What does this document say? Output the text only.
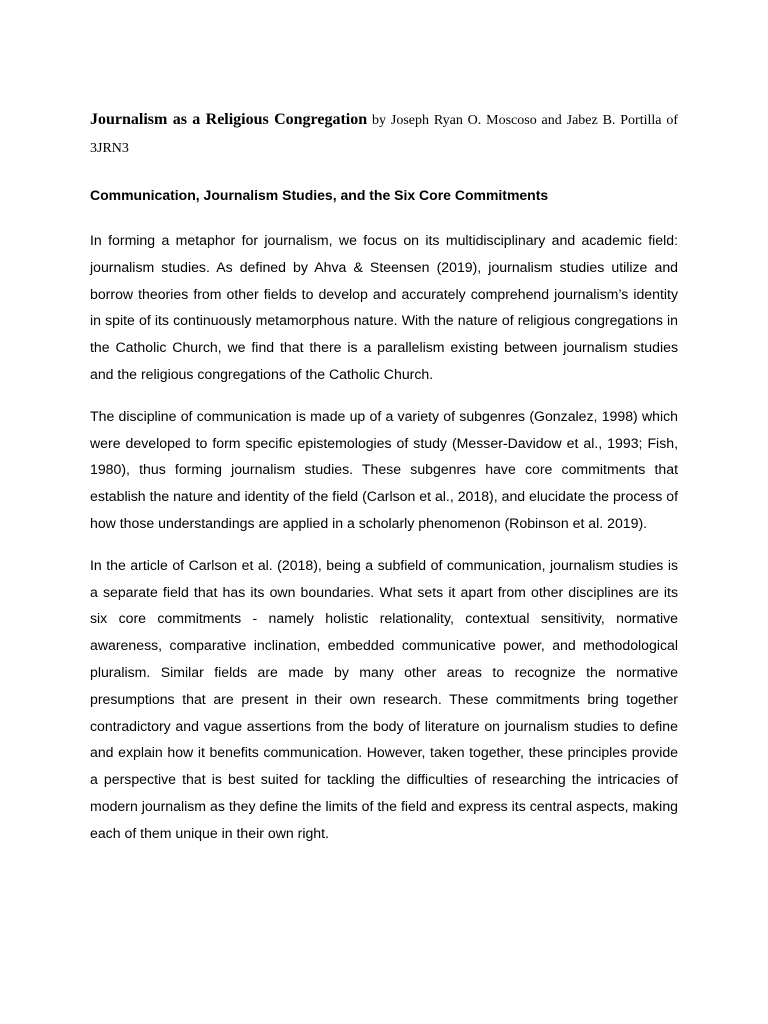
Journalism as a Religious Congregation by Joseph Ryan O. Moscoso and Jabez B. Portilla of 3JRN3

Communication, Journalism Studies, and the Six Core Commitments

In forming a metaphor for journalism, we focus on its multidisciplinary and academic field: journalism studies. As defined by Ahva & Steensen (2019), journalism studies utilize and borrow theories from other fields to develop and accurately comprehend journalism’s identity in spite of its continuously metamorphous nature. With the nature of religious congregations in the Catholic Church, we find that there is a parallelism existing between journalism studies and the religious congregations of the Catholic Church.

The discipline of communication is made up of a variety of subgenres (Gonzalez, 1998) which were developed to form specific epistemologies of study (Messer-Davidow et al., 1993; Fish, 1980), thus forming journalism studies. These subgenres have core commitments that establish the nature and identity of the field (Carlson et al., 2018), and elucidate the process of how those understandings are applied in a scholarly phenomenon (Robinson et al. 2019).

In the article of Carlson et al. (2018), being a subfield of communication, journalism studies is a separate field that has its own boundaries. What sets it apart from other disciplines are its six core commitments - namely holistic relationality, contextual sensitivity, normative awareness, comparative inclination, embedded communicative power, and methodological pluralism. Similar fields are made by many other areas to recognize the normative presumptions that are present in their own research. These commitments bring together contradictory and vague assertions from the body of literature on journalism studies to define and explain how it benefits communication. However, taken together, these principles provide a perspective that is best suited for tackling the difficulties of researching the intricacies of modern journalism as they define the limits of the field and express its central aspects, making each of them unique in their own right.
